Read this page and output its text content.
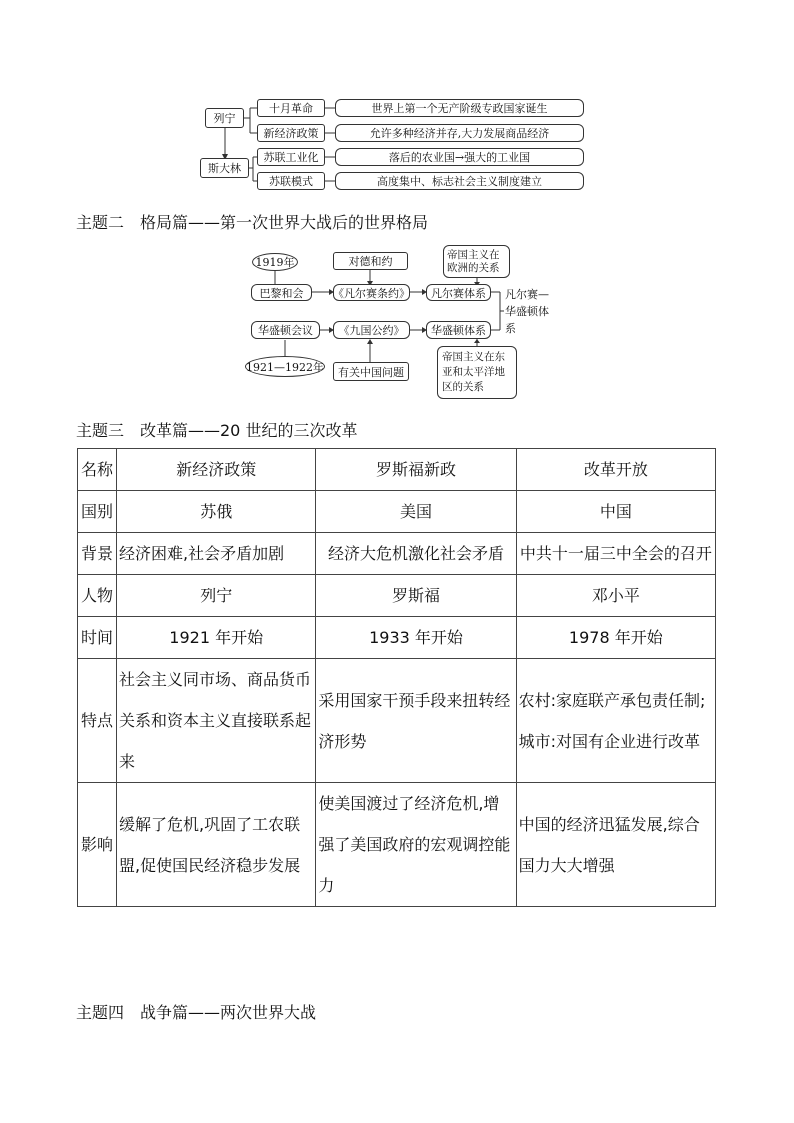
列宁
斯大林
十月革命
新经济政策
苏联工业化
苏联模式
世界上第一个无产阶级专政国家诞生
允许多种经济并存,大力发展商品经济
落后的农业国→强大的工业国
高度集中、标志社会主义制度建立
主题二　格局篇——第一次世界大战后的世界格局
1919年
巴黎和会
对德和约
《凡尔赛条约》	凡尔赛体系
帝国主义在欧洲的关系
凡尔赛—华盛顿体系
华盛顿会议	《九国公约》	华盛顿体系
1921—1922年	有关中国问题
帝国主义在东亚和太平洋地区的关系
主题三　改革篇——20 世纪的三次改革
名称	新经济政策	罗斯福新政	改革开放
国别	苏俄	美国	中国
背景	经济困难,社会矛盾加剧	经济大危机激化社会矛盾	中共十一届三中全会的召开
人物	列宁	罗斯福	邓小平
时间	1921 年开始	1933 年开始	1978 年开始
特点	社会主义同市场、商品货币关系和资本主义直接联系起来	采用国家干预手段来扭转经济形势	农村:家庭联产承包责任制;
城市:对国有企业进行改革

影响	缓解了危机,巩固了工农联盟,促使国民经济稳步发展	使美国渡过了经济危机,增强了美国政府的宏观调控能力	中国的经济迅猛发展,综合国力大大增强
主题四　战争篇——两次世界大战
